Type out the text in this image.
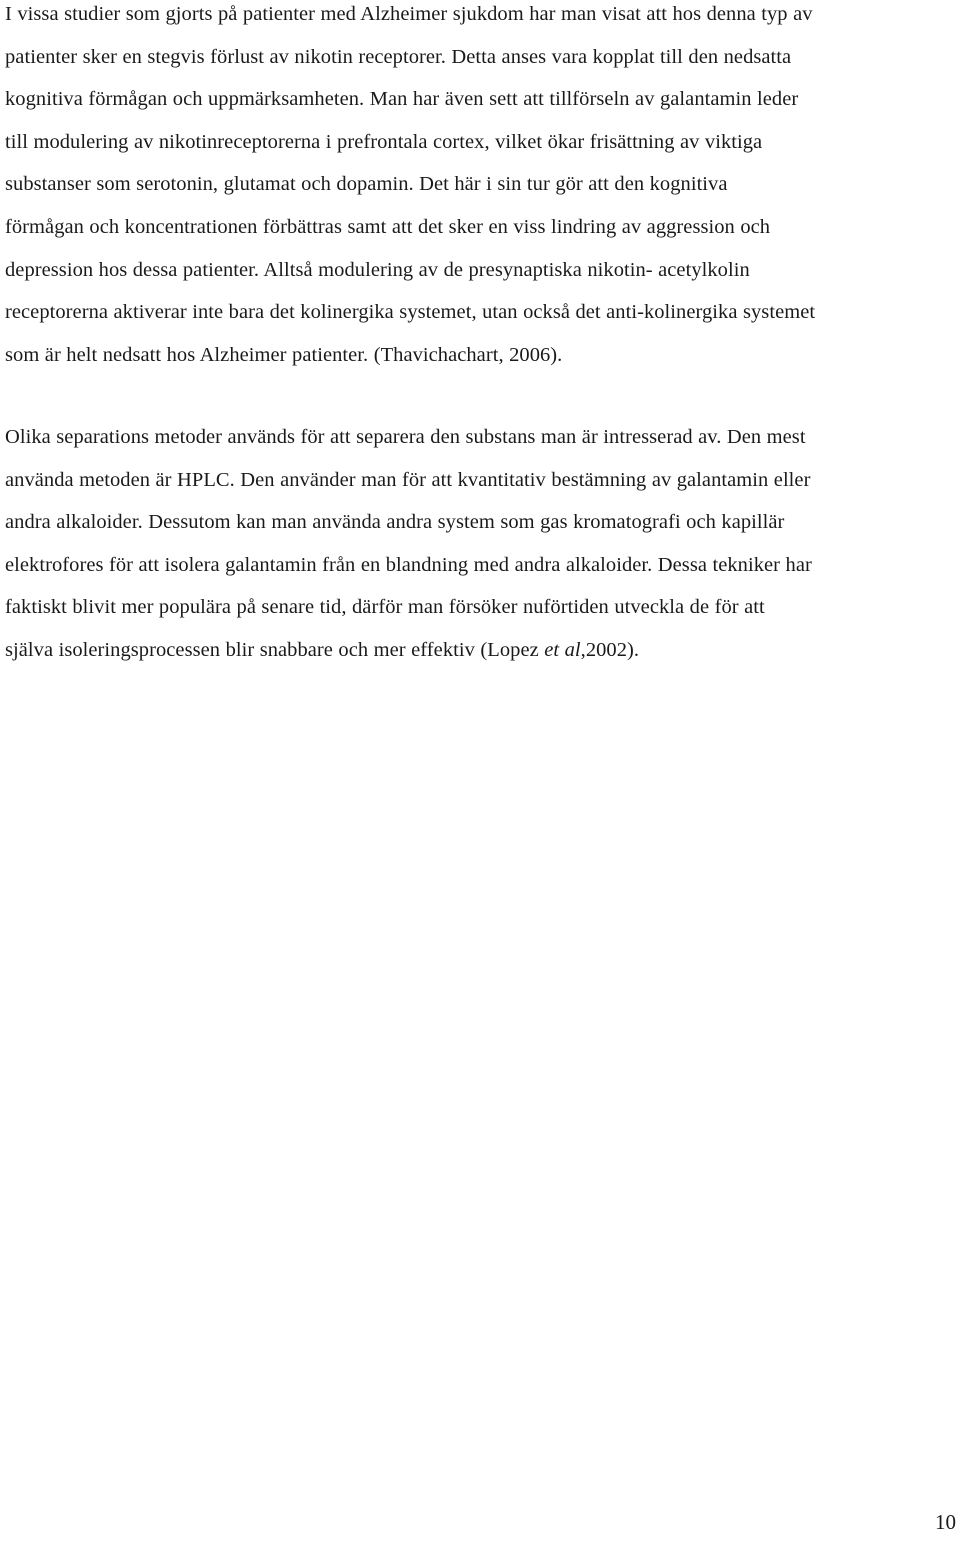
I vissa studier som gjorts på patienter med Alzheimer sjukdom har man visat att hos denna typ av
patienter sker en stegvis förlust av nikotin receptorer. Detta anses vara kopplat till den nedsatta
kognitiva förmågan och uppmärksamheten. Man har även sett att tillförseln av galantamin leder
till modulering av nikotinreceptorerna i prefrontala cortex, vilket ökar frisättning av viktiga
substanser som serotonin, glutamat och dopamin. Det här i sin tur gör att den kognitiva
förmågan och koncentrationen förbättras samt att det sker en viss lindring av aggression och
depression hos dessa patienter. Alltså modulering av de presynaptiska nikotin- acetylkolin
receptorerna aktiverar inte bara det kolinergika systemet, utan också det anti-kolinergika systemet
som är helt nedsatt hos Alzheimer patienter. (Thavichachart, 2006).

Olika separations metoder används för att separera den substans man är intresserad av. Den mest
använda metoden är HPLC. Den använder man för att kvantitativ bestämning av galantamin eller
andra alkaloider. Dessutom kan man använda andra system som gas kromatografi och kapillär
elektrofores för att isolera galantamin från en blandning med andra alkaloider. Dessa tekniker har
faktiskt blivit mer populära på senare tid, därför man försöker nuförtiden utveckla de för att
själva isoleringsprocessen blir snabbare och mer effektiv (Lopez et al,2002).

10
